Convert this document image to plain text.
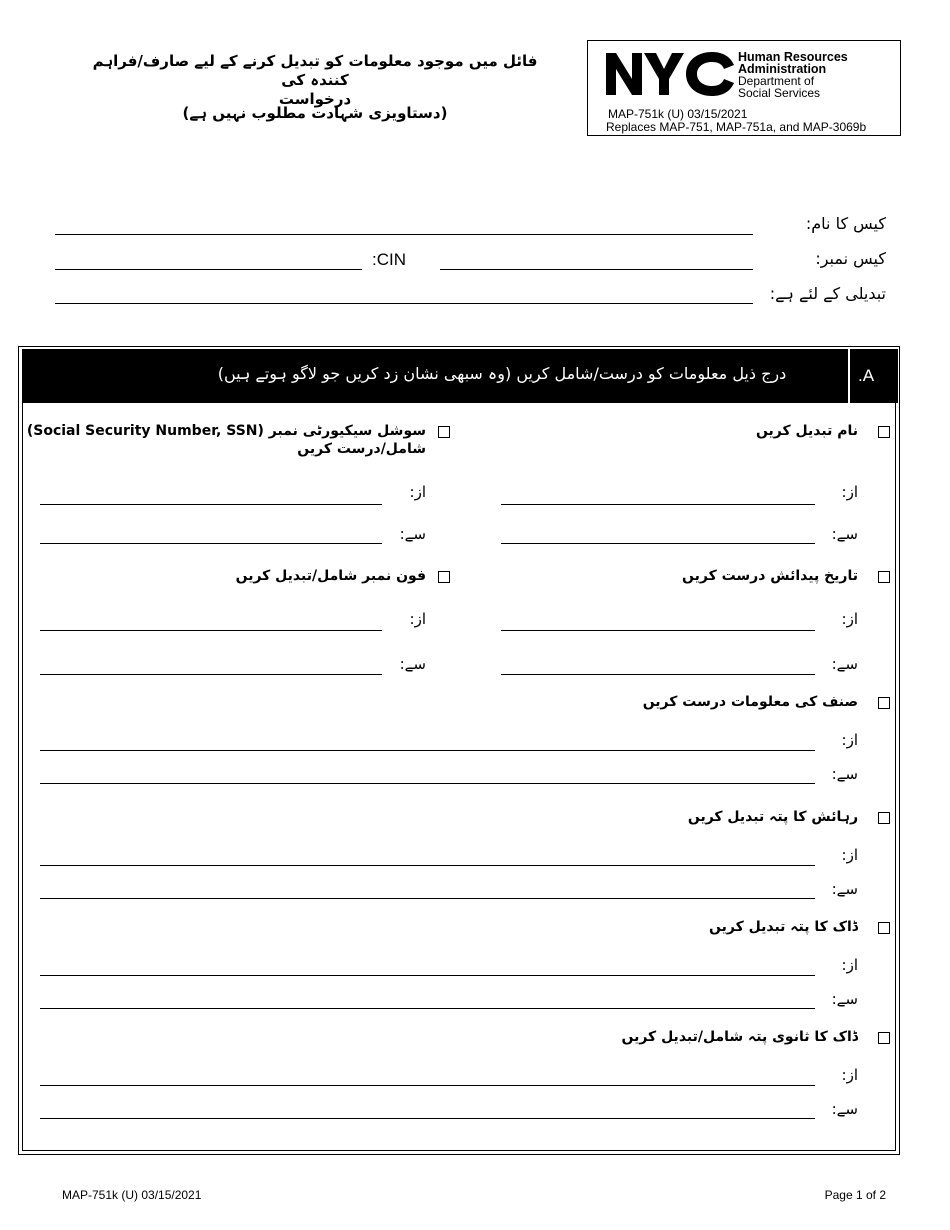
فائل میں موجود معلومات کو تبدیل کرنے کے لیے صارف/فراہم کنندہ کی
درخواست
(دستاویزی شہادت مطلوب نہیں ہے)
Human Resources
Administration
Department of
Social Services
MAP-751k (U) 03/15/2021
Replaces MAP-751, MAP-751a, and MAP-3069b
کیس کا نام:
کیس نمبر:
:CIN
تبدیلی کے لئے ہے:
درج ذیل معلومات کو درست/شامل کریں (وہ سبھی نشان زد کریں جو لاگو ہوتے ہیں)	.A
نام تبدیل کریں
از:
سے:
سوشل سیکیورٹی نمبر (Social Security Number, SSN)
شامل/درست کریں
از:
سے:
تاریخ پیدائش درست کریں
از:
سے:
فون نمبر شامل/تبدیل کریں
از:
سے:
صنف کی معلومات درست کریں
از:
سے:
رہائش کا پتہ تبدیل کریں
از:
سے:
ڈاک کا پتہ تبدیل کریں
از:
سے:
ڈاک کا ثانوی پتہ شامل/تبدیل کریں
از:
سے:
MAP-751k (U) 03/15/2021	Page 1 of 2
